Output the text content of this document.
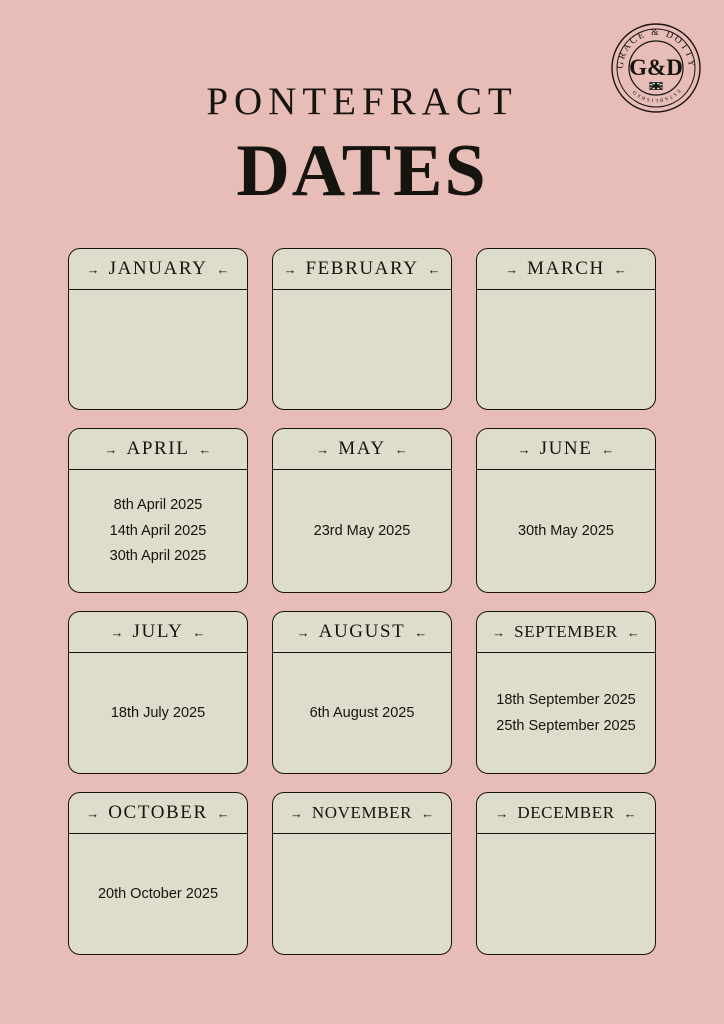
GRACE & DOTTY
ESTABLISHED
G&D
PONTEFRACT
DATES
→ JANUARY ←	→ FEBRUARY ←	→ MARCH ←
→ APRIL ←
8th April 2025
14th April 2025
30th April 2025
→ MAY ←
23rd May 2025
→ JUNE ←
30th May 2025
→ JULY ←
18th July 2025
→ AUGUST ←
6th August 2025
→ SEPTEMBER ←
18th September 2025
25th September 2025
→ OCTOBER ←
20th October 2025
→ NOVEMBER ←	→ DECEMBER ←
